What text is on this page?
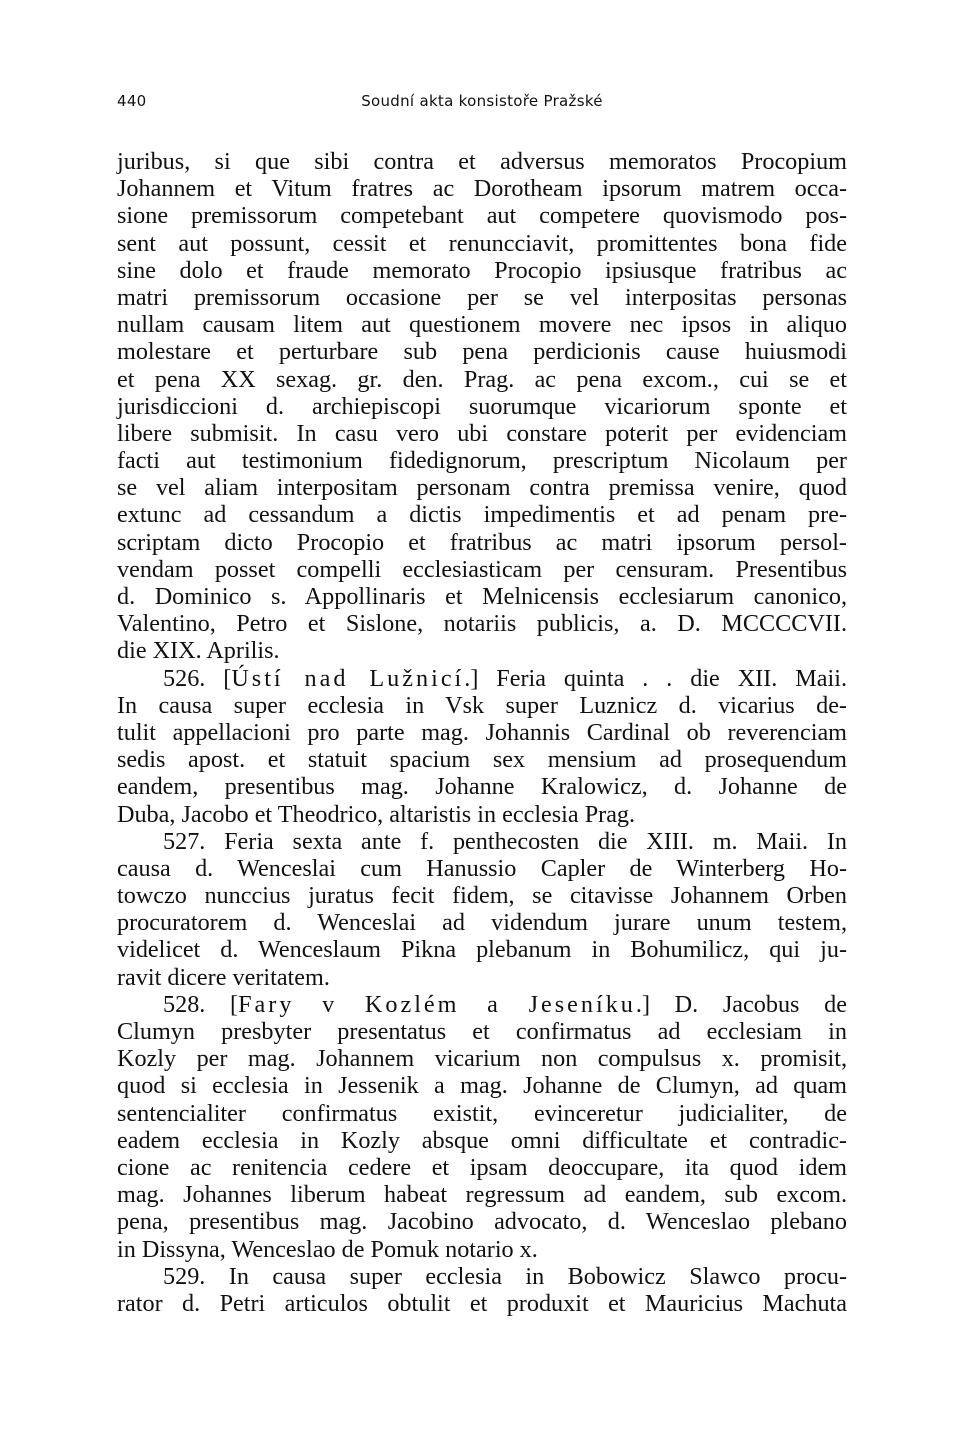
440	Soudní akta konsistoře Pražské
juribus, si que sibi contra et adversus memoratos Procopium
Johannem et Vitum fratres ac Dorotheam ipsorum matrem occa-
sione premissorum competebant aut competere quovismodo pos-
sent aut possunt, cessit et renuncciavit, promittentes bona fide
sine dolo et fraude memorato Procopio ipsiusque fratribus ac
matri premissorum occasione per se vel interpositas personas
nullam causam litem aut questionem movere nec ipsos in aliquo
molestare et perturbare sub pena perdicionis cause huiusmodi
et pena XX sexag. gr. den. Prag. ac pena excom., cui se et
jurisdiccioni d. archiepiscopi suorumque vicariorum sponte et
libere submisit. In casu vero ubi constare poterit per evidenciam
facti aut testimonium fidedignorum, prescriptum Nicolaum per
se vel aliam interpositam personam contra premissa venire, quod
extunc ad cessandum a dictis impedimentis et ad penam pre-
scriptam dicto Procopio et fratribus ac matri ipsorum persol-
vendam posset compelli ecclesiasticam per censuram. Presentibus
d. Dominico s. Appollinaris et Melnicensis ecclesiarum canonico,
Valentino, Petro et Sislone, notariis publicis, a. D. MCCCCVII.
die XIX. Aprilis.
526. [Ústí nad Lužnicí.] Feria quinta . . die XII. Maii.
In causa super ecclesia in Vsk super Luznicz d. vicarius de-
tulit appellacioni pro parte mag. Johannis Cardinal ob reverenciam
sedis apost. et statuit spacium sex mensium ad prosequendum
eandem, presentibus mag. Johanne Kralowicz, d. Johanne de
Duba, Jacobo et Theodrico, altaristis in ecclesia Prag.
527. Feria sexta ante f. penthecosten die XIII. m. Maii. In
causa d. Wenceslai cum Hanussio Capler de Winterberg Ho-
towczo nunccius juratus fecit fidem, se citavisse Johannem Orben
procuratorem d. Wenceslai ad videndum jurare unum testem,
videlicet d. Wenceslaum Pikna plebanum in Bohumilicz, qui ju-
ravit dicere veritatem.
528. [Fary v Kozlém a Jeseníku.] D. Jacobus de
Clumyn presbyter presentatus et confirmatus ad ecclesiam in
Kozly per mag. Johannem vicarium non compulsus x. promisit,
quod si ecclesia in Jessenik a mag. Johanne de Clumyn, ad quam
sentencialiter confirmatus existit, evinceretur judicialiter, de
eadem ecclesia in Kozly absque omni difficultate et contradic-
cione ac renitencia cedere et ipsam deoccupare, ita quod idem
mag. Johannes liberum habeat regressum ad eandem, sub excom.
pena, presentibus mag. Jacobino advocato, d. Wenceslao plebano
in Dissyna, Wenceslao de Pomuk notario x.
529. In causa super ecclesia in Bobowicz Slawco procu-
rator d. Petri articulos obtulit et produxit et Mauricius Machuta
